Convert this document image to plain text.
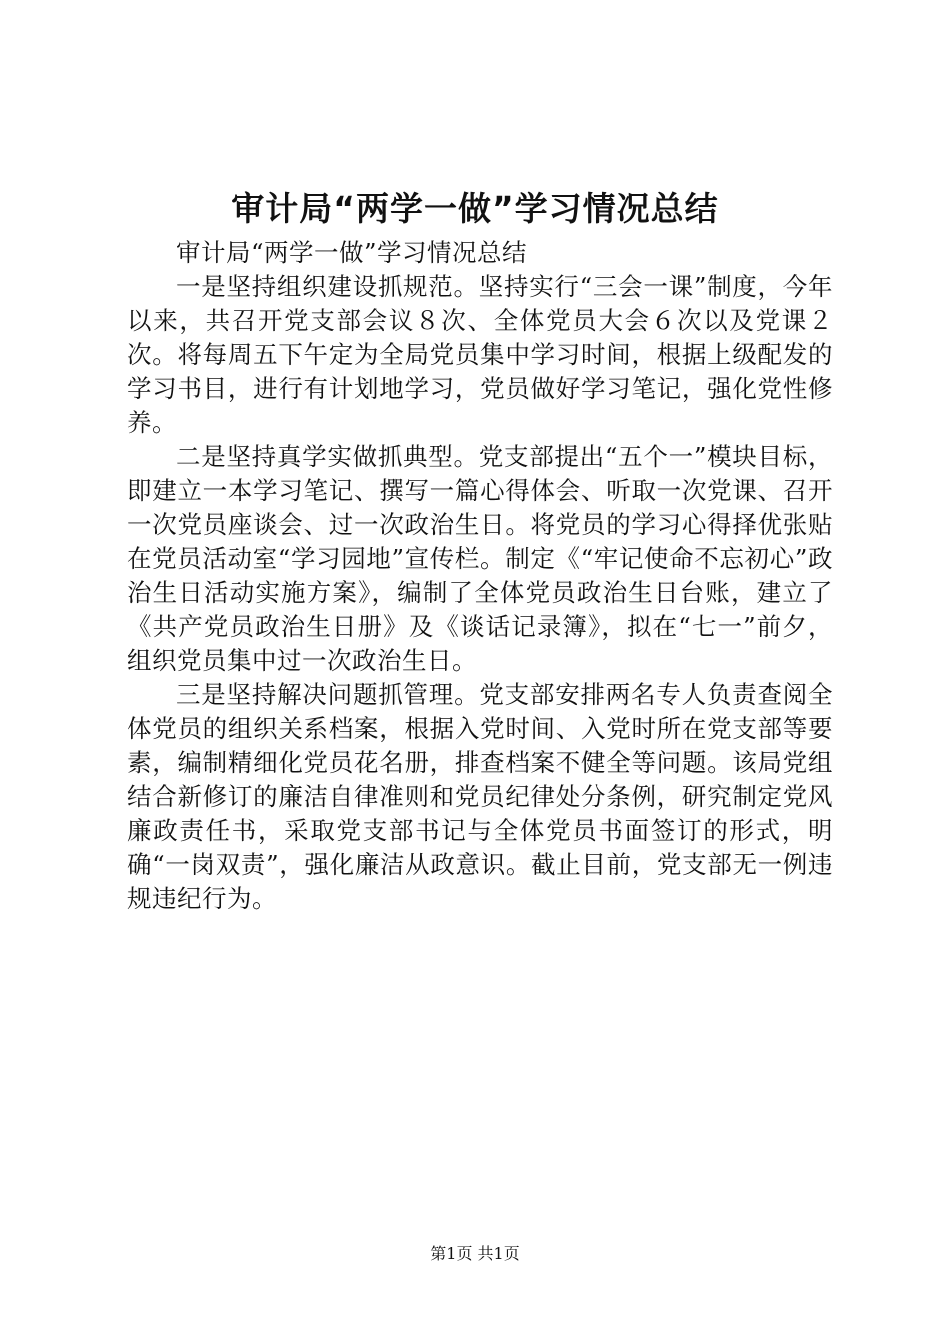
审计局“两学一做”学习情况总结

审计局“两学一做”学习情况总结

一是坚持组织建设抓规范。坚持实行“三会一课”制度，今年以来，共召开党支部会议８次、全体党员大会６次以及党课２次。将每周五下午定为全局党员集中学习时间，根据上级配发的学习书目，进行有计划地学习，党员做好学习笔记，强化党性修养。

二是坚持真学实做抓典型。党支部提出“五个一”模块目标，即建立一本学习笔记、撰写一篇心得体会、听取一次党课、召开一次党员座谈会、过一次政治生日。将党员的学习心得择优张贴在党员活动室“学习园地”宣传栏。制定《“牢记使命不忘初心”政治生日活动实施方案》，编制了全体党员政治生日台账，建立了《共产党员政治生日册》及《谈话记录簿》，拟在“七一”前夕，组织党员集中过一次政治生日。

三是坚持解决问题抓管理。党支部安排两名专人负责查阅全体党员的组织关系档案，根据入党时间、入党时所在党支部等要素，编制精细化党员花名册，排查档案不健全等问题。该局党组结合新修订的廉洁自律准则和党员纪律处分条例，研究制定党风廉政责任书，采取党支部书记与全体党员书面签订的形式，明确“一岗双责”，强化廉洁从政意识。截止目前，党支部无一例违规违纪行为。

第1页 共1页
